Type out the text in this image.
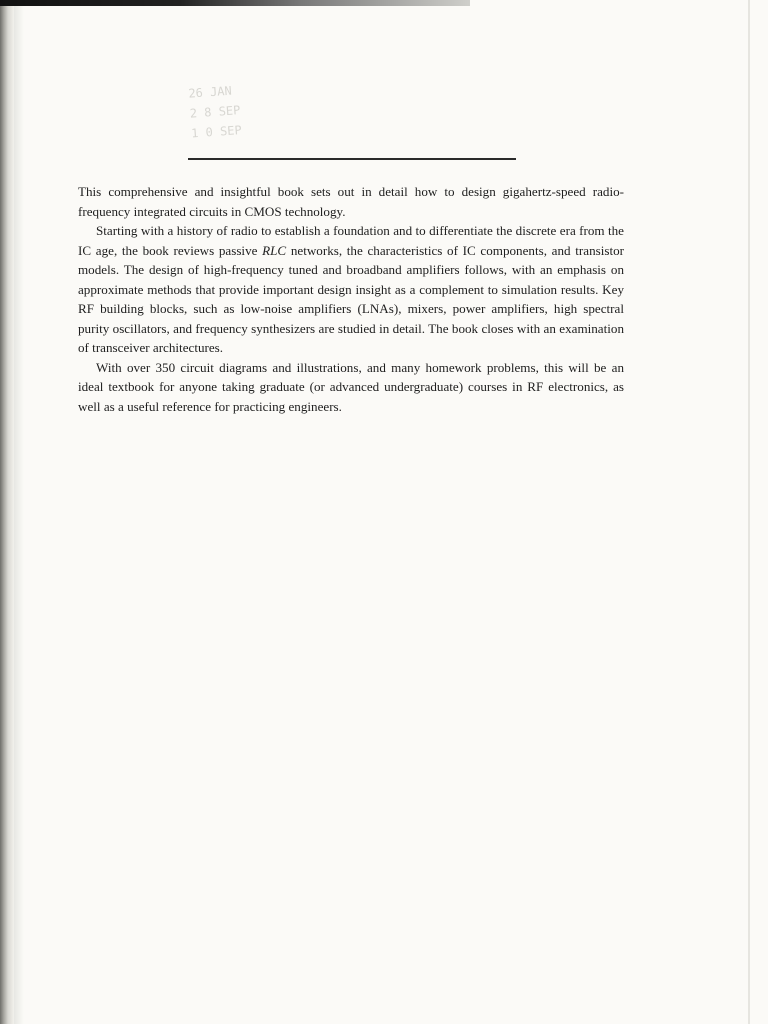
26 JAN
2 8 SEP
1 0 SEP

This comprehensive and insightful book sets out in detail how to design gigahertz-speed radio-frequency integrated circuits in CMOS technology.

Starting with a history of radio to establish a foundation and to differentiate the discrete era from the IC age, the book reviews passive RLC networks, the characteristics of IC components, and transistor models. The design of high-frequency tuned and broadband amplifiers follows, with an emphasis on approximate methods that provide important design insight as a complement to simulation results. Key RF building blocks, such as low-noise amplifiers (LNAs), mixers, power amplifiers, high spectral purity oscillators, and frequency synthesizers are studied in detail. The book closes with an examination of transceiver architectures.

With over 350 circuit diagrams and illustrations, and many homework problems, this will be an ideal textbook for anyone taking graduate (or advanced undergraduate) courses in RF electronics, as well as a useful reference for practicing engineers.
